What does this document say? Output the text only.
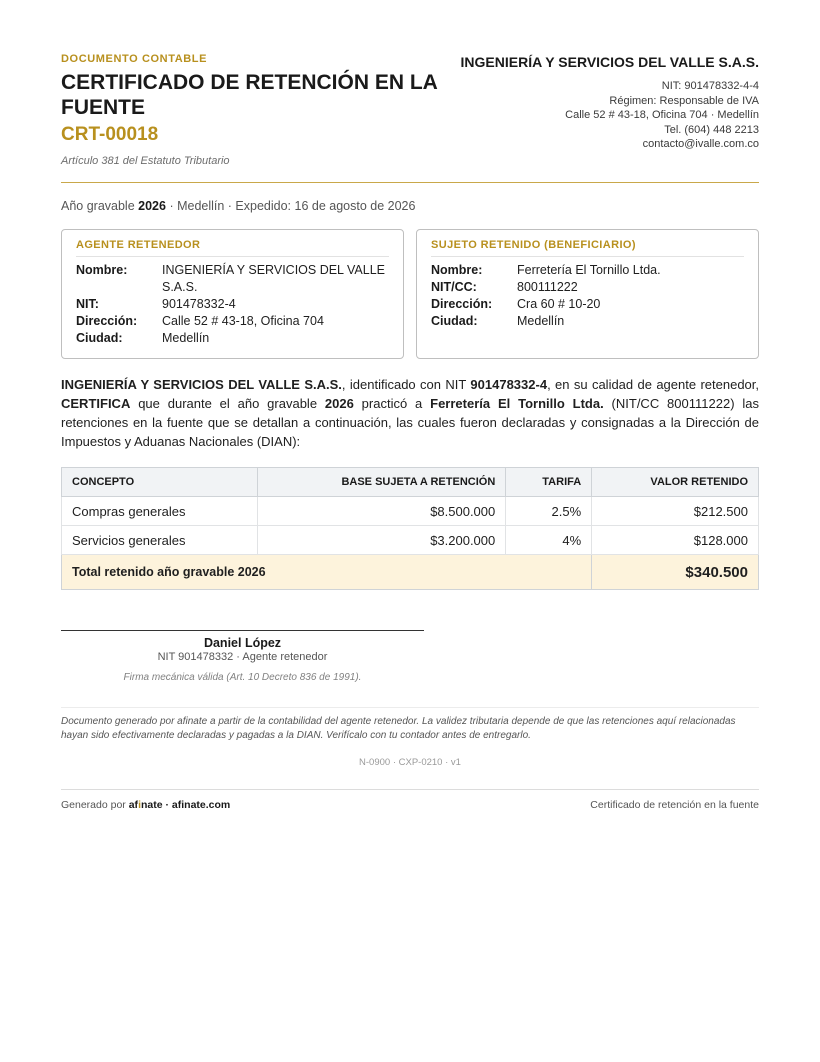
DOCUMENTO CONTABLE
CERTIFICADO DE RETENCIÓN EN LA FUENTE
CRT-00018
Artículo 381 del Estatuto Tributario
INGENIERÍA Y SERVICIOS DEL VALLE S.A.S.
NIT: 901478332-4-4
Régimen: Responsable de IVA
Calle 52 # 43-18, Oficina 704 · Medellín
Tel. (604) 448 2213
contacto@ivalle.com.co
Año gravable 2026 · Medellín · Expedido: 16 de agosto de 2026
AGENTE RETENEDOR
Nombre:	INGENIERÍA Y SERVICIOS DEL VALLE S.A.S.
NIT:	901478332-4
Dirección:	Calle 52 # 43-18, Oficina 704
Ciudad:	Medellín
SUJETO RETENIDO (BENEFICIARIO)
Nombre:	Ferretería El Tornillo Ltda.
NIT/CC:	800111222
Dirección:	Cra 60 # 10-20
Ciudad:	Medellín

INGENIERÍA Y SERVICIOS DEL VALLE S.A.S., identificado con NIT 901478332-4, en su calidad de agente retenedor, CERTIFICA que durante el año gravable 2026 practicó a Ferretería El Tornillo Ltda. (NIT/CC 800111222) las retenciones en la fuente que se detallan a continuación, las cuales fueron declaradas y consignadas a la Dirección de Impuestos y Aduanas Nacionales (DIAN):

CONCEPTO	BASE SUJETA A RETENCIÓN	TARIFA	VALOR RETENIDO
Compras generales	$8.500.000	2.5%	$212.500
Servicios generales	$3.200.000	4%	$128.000
Total retenido año gravable 2026			$340.500
Daniel López
NIT 901478332 · Agente retenedor
Firma mecánica válida (Art. 10 Decreto 836 de 1991).
Documento generado por afinate a partir de la contabilidad del agente retenedor. La validez tributaria depende de que las retenciones aquí relacionadas hayan sido efectivamente declaradas y pagadas a la DIAN. Verifícalo con tu contador antes de entregarlo.
N-0900 · CXP-0210 · v1
Generado por afinate · afinate.com	Certificado de retención en la fuente
